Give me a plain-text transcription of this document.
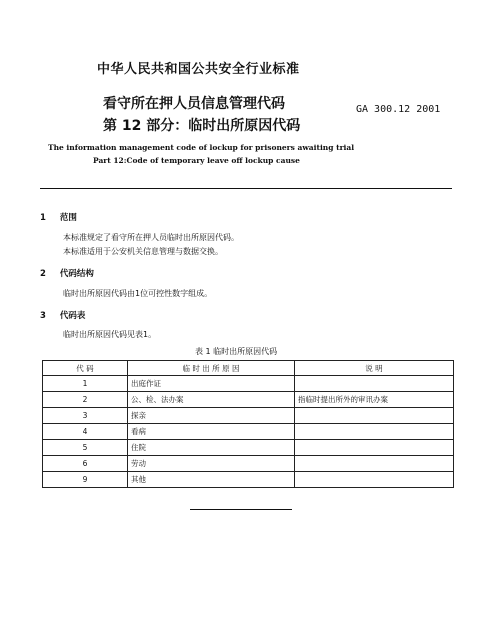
中华人民共和国公共安全行业标准
看守所在押人员信息管理代码
第 12 部分：临时出所原因代码
GA 300.12 2001
The information management code of lockup for prisoners awaiting trial
Part 12:Code of temporary leave off lockup cause
1 范围
本标准规定了看守所在押人员临时出所原因代码。
本标准适用于公安机关信息管理与数据交换。
2 代码结构
临时出所原因代码由1位可控性数字组成。
3 代码表
临时出所原因代码见表1。
表 1 临时出所原因代码
代 码	临 时 出 所 原 因	说 明
1	出庭作证	
2	公、检、法办案	指临时提出所外的审讯办案
3	探亲	
4	看病	
5	住院	
6	劳动	
9	其他	
